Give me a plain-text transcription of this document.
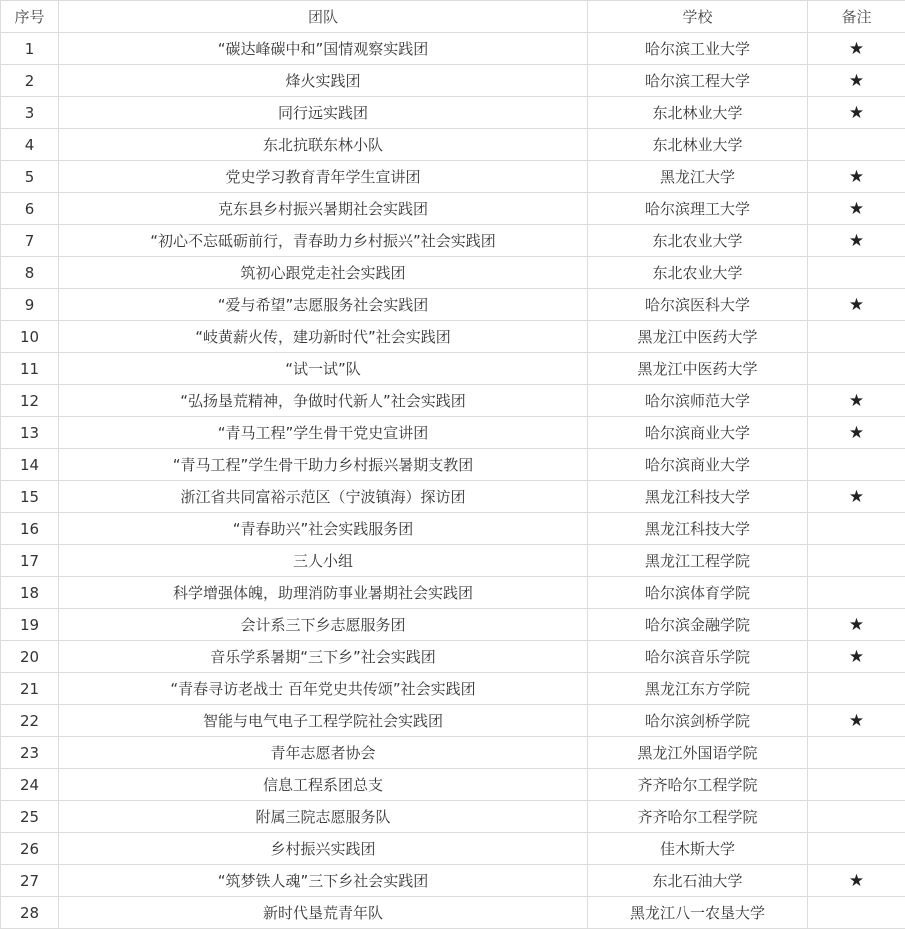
序号	团队	学校	备注
1	“碳达峰碳中和”国情观察实践团	哈尔滨工业大学	★
2	烽火实践团	哈尔滨工程大学	★
3	同行远实践团	东北林业大学	★
4	东北抗联东林小队	东北林业大学	
5	党史学习教育青年学生宣讲团	黑龙江大学	★
6	克东县乡村振兴暑期社会实践团	哈尔滨理工大学	★
7	“初心不忘砥砺前行，青春助力乡村振兴”社会实践团	东北农业大学	★
8	筑初心跟党走社会实践团	东北农业大学	
9	“爱与希望”志愿服务社会实践团	哈尔滨医科大学	★
10	“岐黄薪火传，建功新时代”社会实践团	黑龙江中医药大学	
11	“试一试”队	黑龙江中医药大学	
12	“弘扬垦荒精神，争做时代新人”社会实践团	哈尔滨师范大学	★
13	“青马工程”学生骨干党史宣讲团	哈尔滨商业大学	★
14	“青马工程”学生骨干助力乡村振兴暑期支教团	哈尔滨商业大学	
15	浙江省共同富裕示范区（宁波镇海）探访团	黑龙江科技大学	★
16	“青春助兴”社会实践服务团	黑龙江科技大学	
17	三人小组	黑龙江工程学院	
18	科学增强体魄，助理消防事业暑期社会实践团	哈尔滨体育学院	
19	会计系三下乡志愿服务团	哈尔滨金融学院	★
20	音乐学系暑期“三下乡”社会实践团	哈尔滨音乐学院	★
21	“青春寻访老战士 百年党史共传颂”社会实践团	黑龙江东方学院	
22	智能与电气电子工程学院社会实践团	哈尔滨剑桥学院	★
23	青年志愿者协会	黑龙江外国语学院	
24	信息工程系团总支	齐齐哈尔工程学院	
25	附属三院志愿服务队	齐齐哈尔工程学院	
26	乡村振兴实践团	佳木斯大学	
27	“筑梦铁人魂”三下乡社会实践团	东北石油大学	★
28	新时代垦荒青年队	黑龙江八一农垦大学	
